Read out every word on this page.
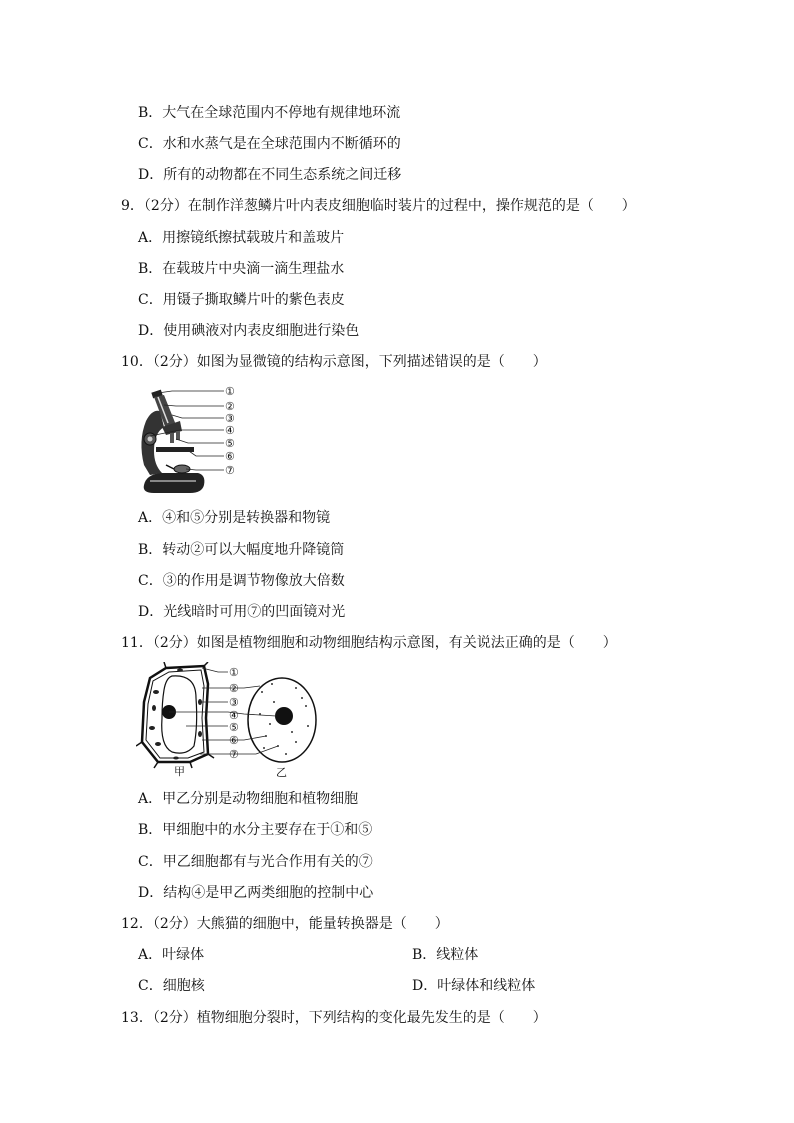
B．大气在全球范围内不停地有规律地环流
C．水和水蒸气是在全球范围内不断循环的
D．所有的动物都在不同生态系统之间迁移
9．（2分）在制作洋葱鳞片叶内表皮细胞临时装片的过程中，操作规范的是（　　）
A．用擦镜纸擦拭载玻片和盖玻片
B．在载玻片中央滴一滴生理盐水
C．用镊子撕取鳞片叶的紫色表皮
D．使用碘液对内表皮细胞进行染色
10．（2分）如图为显微镜的结构示意图，下列描述错误的是（　　）
①
②
③
④
⑤
⑥
⑦
A．④和⑤分别是转换器和物镜
B．转动②可以大幅度地升降镜筒
C．③的作用是调节物像放大倍数
D．光线暗时可用⑦的凹面镜对光
11．（2分）如图是植物细胞和动物细胞结构示意图，有关说法正确的是（　　）
①
②
③
④
⑤
⑥
⑦
甲	乙
A．甲乙分别是动物细胞和植物细胞
B．甲细胞中的水分主要存在于①和⑤
C．甲乙细胞都有与光合作用有关的⑦
D．结构④是甲乙两类细胞的控制中心
12．（2分）大熊猫的细胞中，能量转换器是（　　）
A．叶绿体	B．线粒体
C．细胞核	D．叶绿体和线粒体
13．（2分）植物细胞分裂时，下列结构的变化最先发生的是（　　）
